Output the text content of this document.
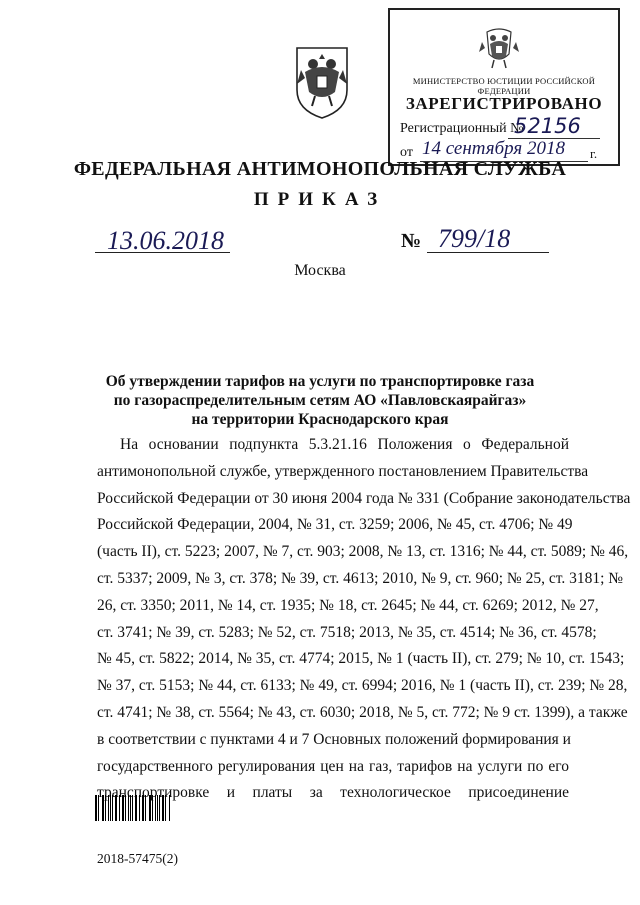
МИНИСТЕРСТВО ЮСТИЦИИ РОССИЙСКОЙ ФЕДЕРАЦИИ
ЗАРЕГИСТРИРОВАНО
Регистрационный №
52156
от 14 сентября 2018 г.
ФЕДЕРАЛЬНАЯ АНТИМОНОПОЛЬНАЯ СЛУЖБА
ПРИКАЗ
13.06.2018	№ 799/18
Москва
Об утверждении тарифов на услуги по транспортировке газа
по газораспределительным сетям АО «Павловскаярайгаз»
на территории Краснодарского края
На основании подпункта 5.3.21.16 Положения о Федеральной
антимонопольной службе, утвержденного постановлением Правительства
Российской Федерации от 30 июня 2004 года № 331 (Собрание законодательства
Российской Федерации, 2004, № 31, ст. 3259; 2006, № 45, ст. 4706; № 49
(часть II), ст. 5223; 2007, № 7, ст. 903; 2008, № 13, ст. 1316; № 44, ст. 5089; № 46,
ст. 5337; 2009, № 3, ст. 378; № 39, ст. 4613; 2010, № 9, ст. 960; № 25, ст. 3181; №
26, ст. 3350; 2011, № 14, ст. 1935; № 18, ст. 2645; № 44, ст. 6269; 2012, № 27,
ст. 3741; № 39, ст. 5283; № 52, ст. 7518; 2013, № 35, ст. 4514; № 36, ст. 4578;
№ 45, ст. 5822; 2014, № 35, ст. 4774; 2015, № 1 (часть II), ст. 279; № 10, ст. 1543;
№ 37, ст. 5153; № 44, ст. 6133; № 49, ст. 6994; 2016, № 1 (часть II), ст. 239; № 28,
ст. 4741; № 38, ст. 5564; № 43, ст. 6030; 2018, № 5, ст. 772; № 9 ст. 1399), а также
в соответствии с пунктами 4 и 7 Основных положений формирования и
государственного регулирования цен на газ, тарифов на услуги по его
транспортировке и платы за технологическое присоединение
2018-57475(2)
